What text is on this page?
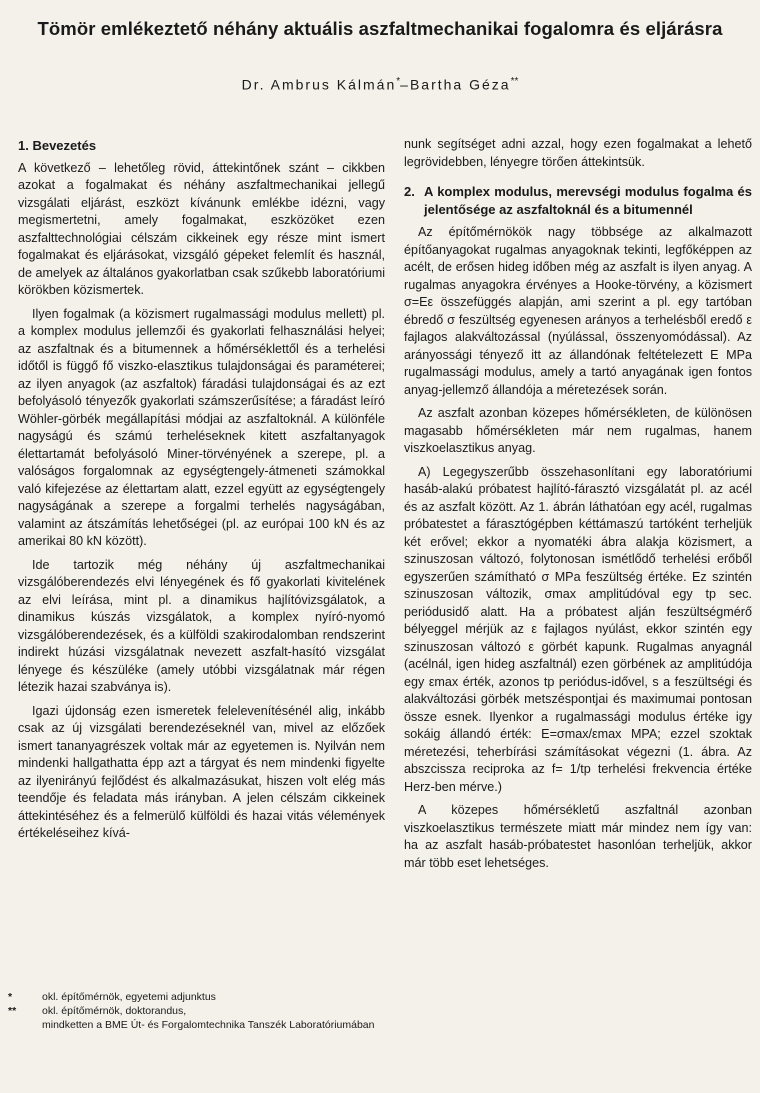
Tömör emlékeztető néhány aktuális aszfaltmechanikai fogalomra és eljárásra
Dr. Ambrus Kálmán*–Bartha Géza**
1. Bevezetés

A következő – lehetőleg rövid, áttekintőnek szánt – cikkben azokat a fogalmakat és néhány aszfaltmechanikai jellegű vizsgálati eljárást, eszközt kívánunk emlékbe idézni, vagy megismertetni, amely fogalmakat, eszközöket ezen aszfalttechnológiai célszám cikkeinek egy része mint ismert fogalmakat és eljárásokat, vizsgáló gépeket felemlít és használ, de amelyek az általános gyakorlatban csak szűkebb laboratóriumi körökben közismertek.

Ilyen fogalmak (a közismert rugalmassági modulus mellett) pl. a komplex modulus jellemzői és gyakorlati felhasználási helyei; az aszfaltnak és a bitumennek a hőmérséklettől és a terhelési időtől is függő fő viszko-elasztikus tulajdonságai és paraméterei; az ilyen anyagok (az aszfaltok) fáradási tulajdonságai és az ezt befolyásoló tényezők gyakorlati számszerűsítése; a fáradást leíró Wöhler-görbék megállapítási módjai az aszfaltoknál. A különféle nagyságú és számú terheléseknek kitett aszfaltanyagok élettartamát befolyásoló Miner-törvényének a szerepe, pl. a valóságos forgalomnak az egységtengely-átmeneti számokkal való kifejezése az élettartam alatt, ezzel együtt az egységtengely nagyságának a szerepe a forgalmi terhelés nagyságában, valamint az átszámítás lehetőségei (pl. az európai 100 kN és az amerikai 80 kN között).

Ide tartozik még néhány új aszfaltmechanikai vizsgálóberendezés elvi lényegének és fő gyakorlati kivitelének az elvi leírása, mint pl. a dinamikus hajlítóvizsgálatok, a dinamikus kúszás vizsgálatok, a komplex nyíró-nyomó vizsgálóberendezések, és a külföldi szakirodalomban rendszerint indirekt húzási vizsgálatnak nevezett aszfalt-hasító vizsgálat lényege és készüléke (amely utóbbi vizsgálatnak már régen létezik hazai szabványa is).

Igazi újdonság ezen ismeretek felelevenítésénél alig, inkább csak az új vizsgálati berendezéseknél van, mivel az előzőek ismert tananyagrészek voltak már az egyetemen is. Nyilván nem mindenki hallgathatta épp azt a tárgyat és nem mindenki figyelte az ilyenirányú fejlődést és alkalmazásukat, hiszen volt elég más teendője és feladata más irányban. A jelen célszám cikkeinek áttekintéséhez és a felmerülő külföldi és hazai vitás vélemények értékeléseihez kívá-

nunk segítséget adni azzal, hogy ezen fogalmakat a lehető legrövidebben, lényegre törően áttekintsük.

2. A komplex modulus, merevségi modulus fogalma és jelentősége az aszfaltoknál és a bitumennél

Az építőmérnökök nagy többsége az alkalmazott építőanyagokat rugalmas anyagoknak tekinti, legfőképpen az acélt, de erősen hideg időben még az aszfalt is ilyen anyag. A rugalmas anyagokra érvényes a Hooke-törvény, a közismert σ=Eε összefüggés alapján, ami szerint a pl. egy tartóban ébredő σ feszültség egyenesen arányos a terhelésből eredő ε fajlagos alakváltozással (nyúlással, összenyomódással). Az arányossági tényező itt az állandónak feltételezett E MPa rugalmassági modulus, amely a tartó anyagának igen fontos anyag-jellemző állandója a méretezések során.

Az aszfalt azonban közepes hőmérsékleten, de különösen magasabb hőmérsékleten már nem rugalmas, hanem viszkoelasztikus anyag.

A) Legegyszerűbb összehasonlítani egy laboratóriumi hasáb-alakú próbatest hajlító-fárasztó vizsgálatát pl. az acél és az aszfalt között. Az 1. ábrán láthatóan egy acél, rugalmas próbatestet a fárasztógépben kéttámaszú tartóként terheljük két erővel; ekkor a nyomatéki ábra alakja közismert, a szinuszosan változó, folytonosan ismétlődő terhelési erőből egyszerűen számítható σ MPa feszültség értéke. Ez szintén szinuszosan változik, σmax amplitúdóval egy tp sec. periódusidő alatt. Ha a próbatest alján feszültségmérő bélyeggel mérjük az ε fajlagos nyúlást, ekkor szintén egy szinuszosan változó ε görbét kapunk. Rugalmas anyagnál (acélnál, igen hideg aszfaltnál) ezen görbének az amplitúdója egy εmax érték, azonos tp periódus-idővel, s a feszültségi és alakváltozási görbék metszéspontjai és maximumai pontosan össze esnek. Ilyenkor a rugalmassági modulus értéke igy sokáig állandó érték: E=σmax/εmax MPA; ezzel szoktak méretezési, teherbírási számításokat végezni (1. ábra. Az abszcissza reciproka az f= 1/tp terhelési frekvencia értéke Herz-ben mérve.)

A közepes hőmérsékletű aszfaltnál azonban viszkoelasztikus természete miatt már mindez nem így van: ha az aszfalt hasáb-próbatestet hasonlóan terheljük, akkor már több eset lehetséges.

*	okl. építőmérnök, egyetemi adjunktus
**	okl. építőmérnök, doktorandus,
mindketten a BME Út- és Forgalomtechnika Tanszék Laboratóriumában
